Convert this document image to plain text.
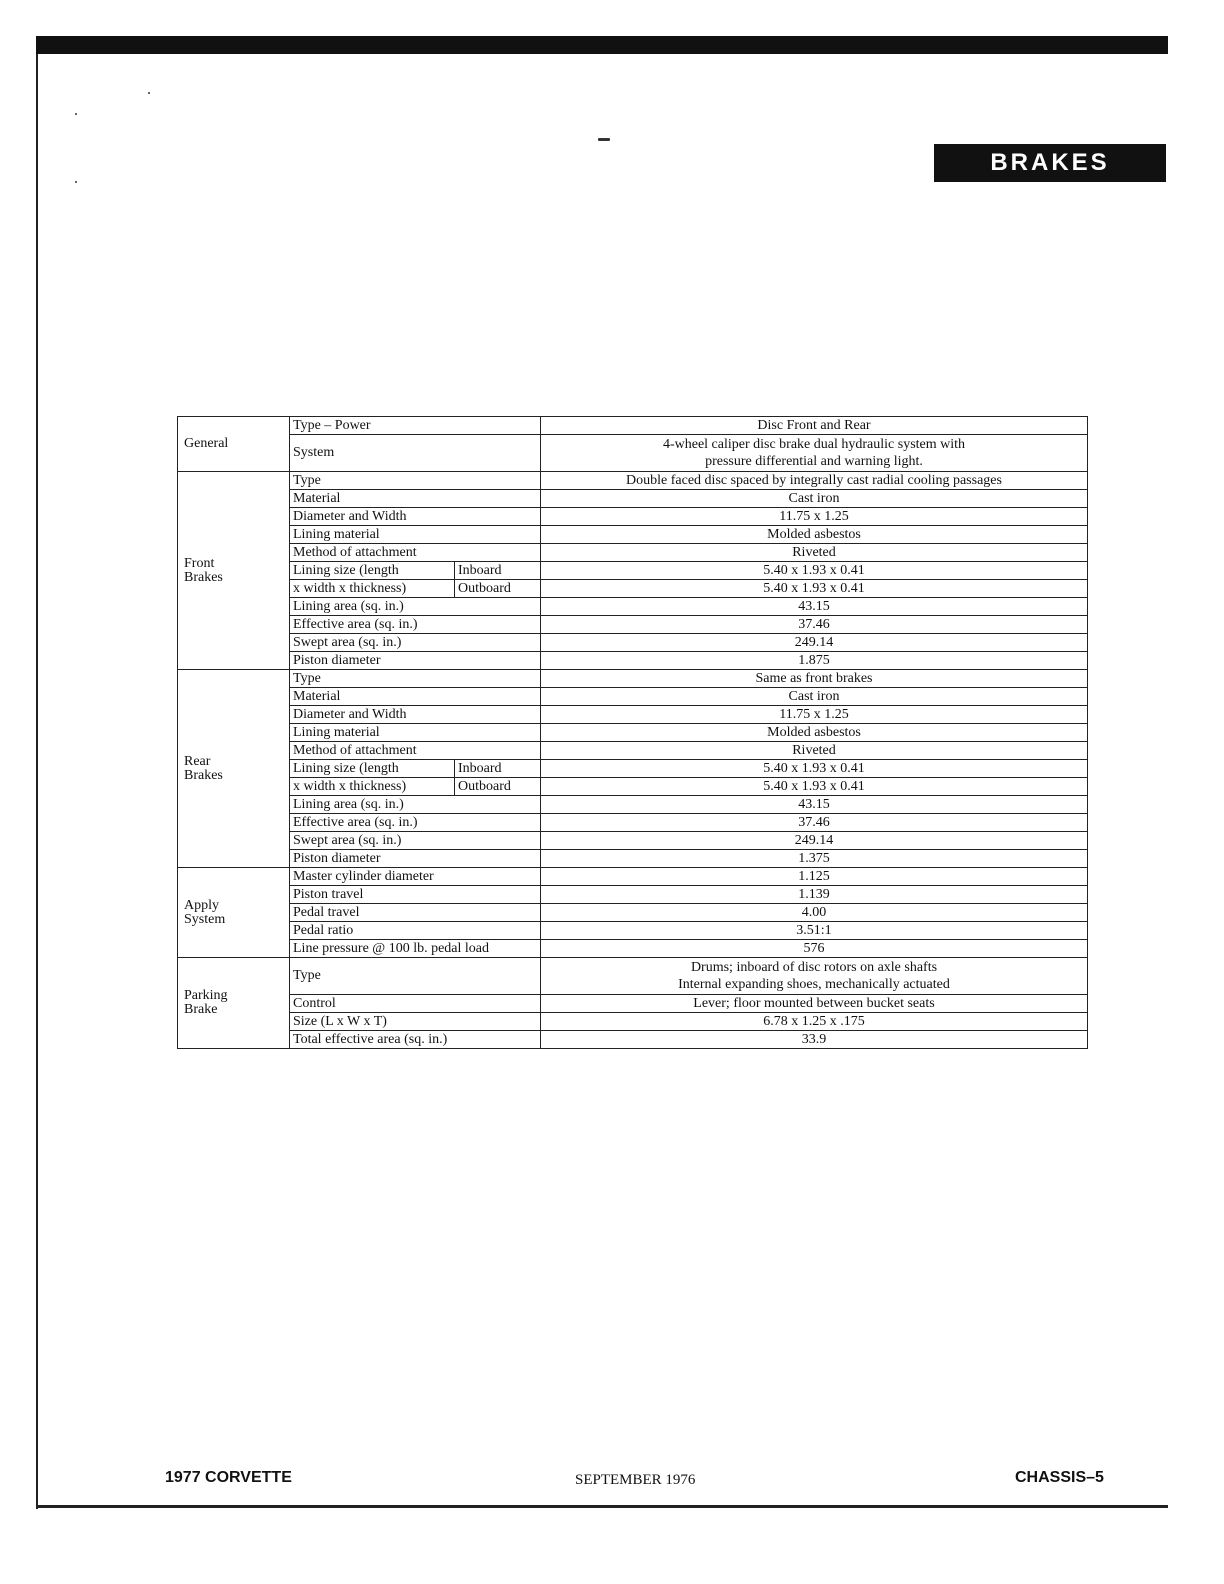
BRAKES
General	Type – Power		Disc Front and Rear
	System		4-wheel caliper disc brake dual hydraulic system with
pressure differential and warning light.
Front
Brakes	Type		Double faced disc spaced by integrally cast radial cooling passages
	Material		Cast iron
	Diameter and Width		11.75 x 1.25
	Lining material		Molded asbestos
	Method of attachment		Riveted
	Lining size (length	Inboard	5.40 x 1.93 x 0.41
	x width x thickness)	Outboard	5.40 x 1.93 x 0.41
	Lining area (sq. in.)		43.15
	Effective area (sq. in.)		37.46
	Swept area (sq. in.)		249.14
	Piston diameter		1.875
Rear
Brakes	Type		Same as front brakes
	Material		Cast iron
	Diameter and Width		11.75 x 1.25
	Lining material		Molded asbestos
	Method of attachment		Riveted
	Lining size (length	Inboard	5.40 x 1.93 x 0.41
	x width x thickness)	Outboard	5.40 x 1.93 x 0.41
	Lining area (sq. in.)		43.15
	Effective area (sq. in.)		37.46
	Swept area (sq. in.)		249.14
	Piston diameter		1.375
Apply
System	Master cylinder diameter		1.125
	Piston travel		1.139
	Pedal travel		4.00
	Pedal ratio		3.51:1
	Line pressure @ 100 lb. pedal load		576
Parking
Brake	Type		Drums; inboard of disc rotors on axle shafts
Internal expanding shoes, mechanically actuated
	Control		Lever; floor mounted between bucket seats
	Size (L x W x T)		6.78 x 1.25 x .175
	Total effective area (sq. in.)		33.9
1977 CORVETTE	SEPTEMBER 1976	CHASSIS–5
